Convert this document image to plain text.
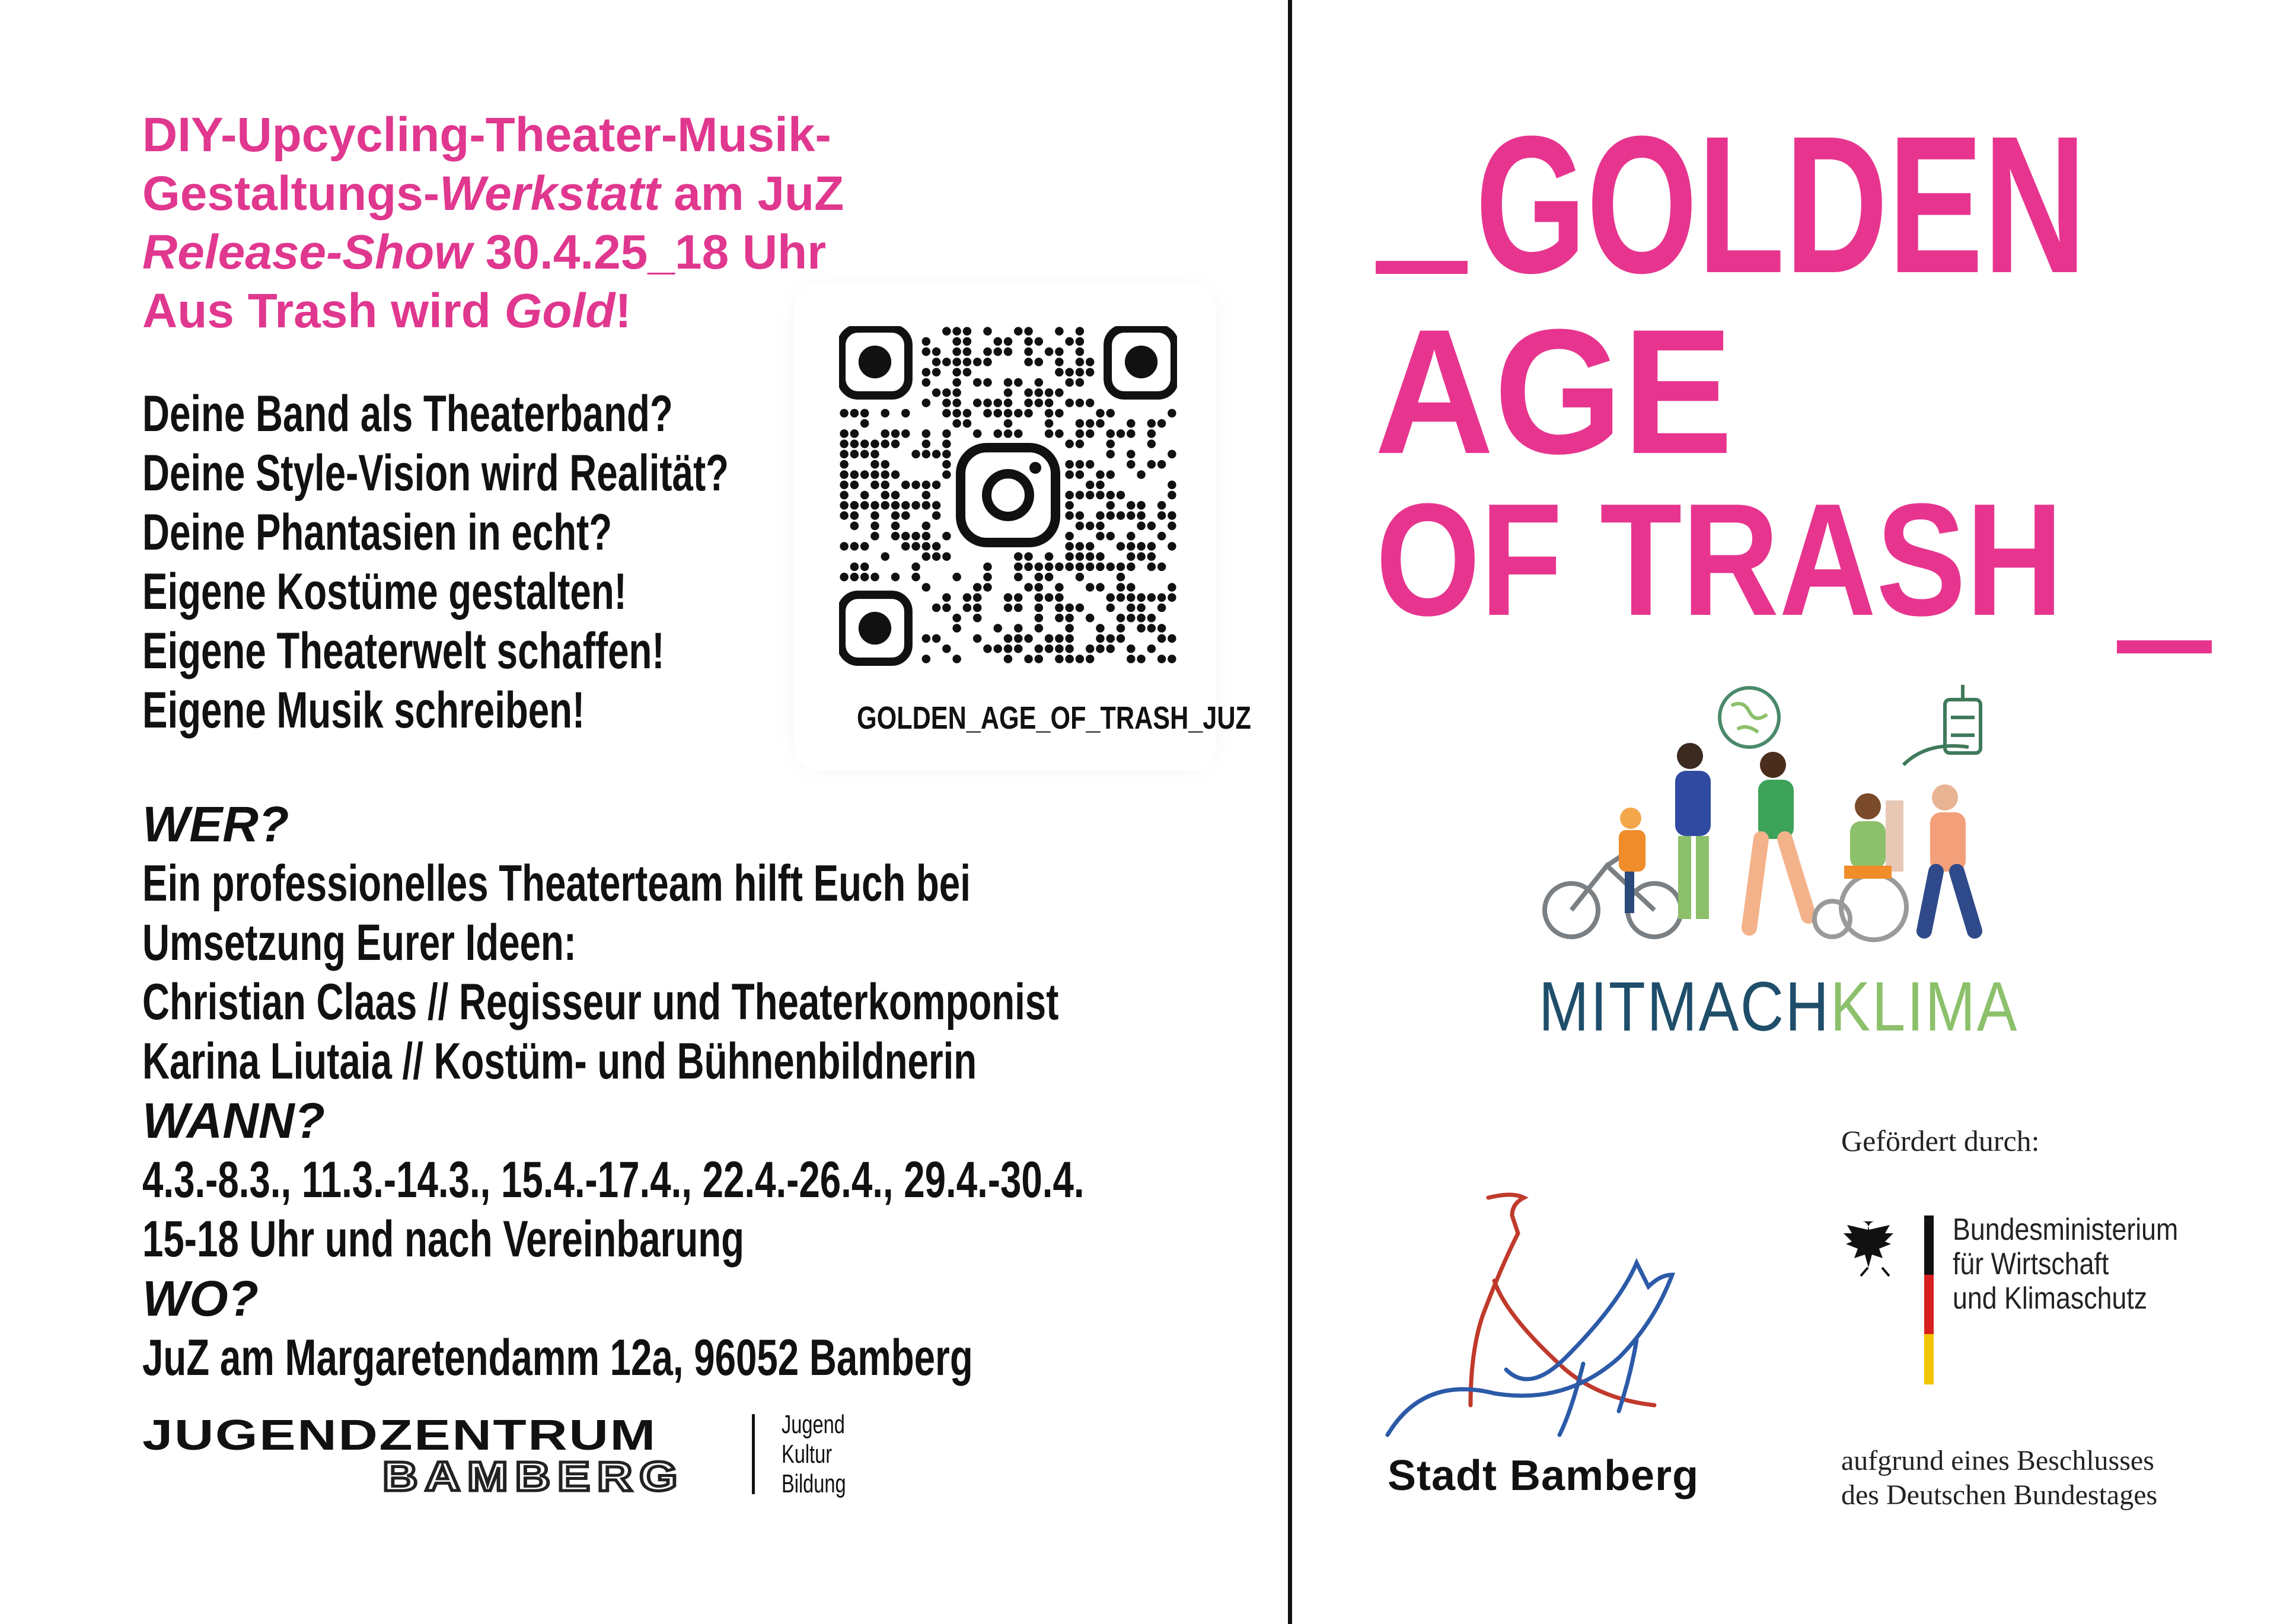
DIY-Upcycling-Theater-Musik-
Gestaltungs-Werkstatt am JuZ
Release-Show 30.4.25_18 Uhr
Aus Trash wird Gold!
Deine Band als Theaterband?
Deine Style-Vision wird Realität?
Deine Phantasien in echt?
Eigene Kostüme gestalten!
Eigene Theaterwelt schaffen!
Eigene Musik schreiben!	GOLDEN_AGE_OF_TRASH_JUZ
WER?
Ein professionelles Theaterteam hilft Euch bei
Umsetzung Eurer Ideen:
Christian Claas // Regisseur und Theaterkomponist
Karina Liutaia // Kostüm- und Bühnenbildnerin
WANN?
4.3.-8.3., 11.3.-14.3., 15.4.-17.4., 22.4.-26.4., 29.4.-30.4.
15-18 Uhr und nach Vereinbarung
WO?
JuZ am Margaretendamm 12a, 96052 Bamberg
JUGENDZENTRUM
BAMBERG
Jugend
Kultur
Bildung
GOLDEN
AGE
OF TRASH
MITMACHKLIMA
Gefördert durch:
Bundesministerium
für Wirtschaft
und Klimaschutz
aufgrund eines Beschlusses
des Deutschen Bundestages
Stadt Bamberg
